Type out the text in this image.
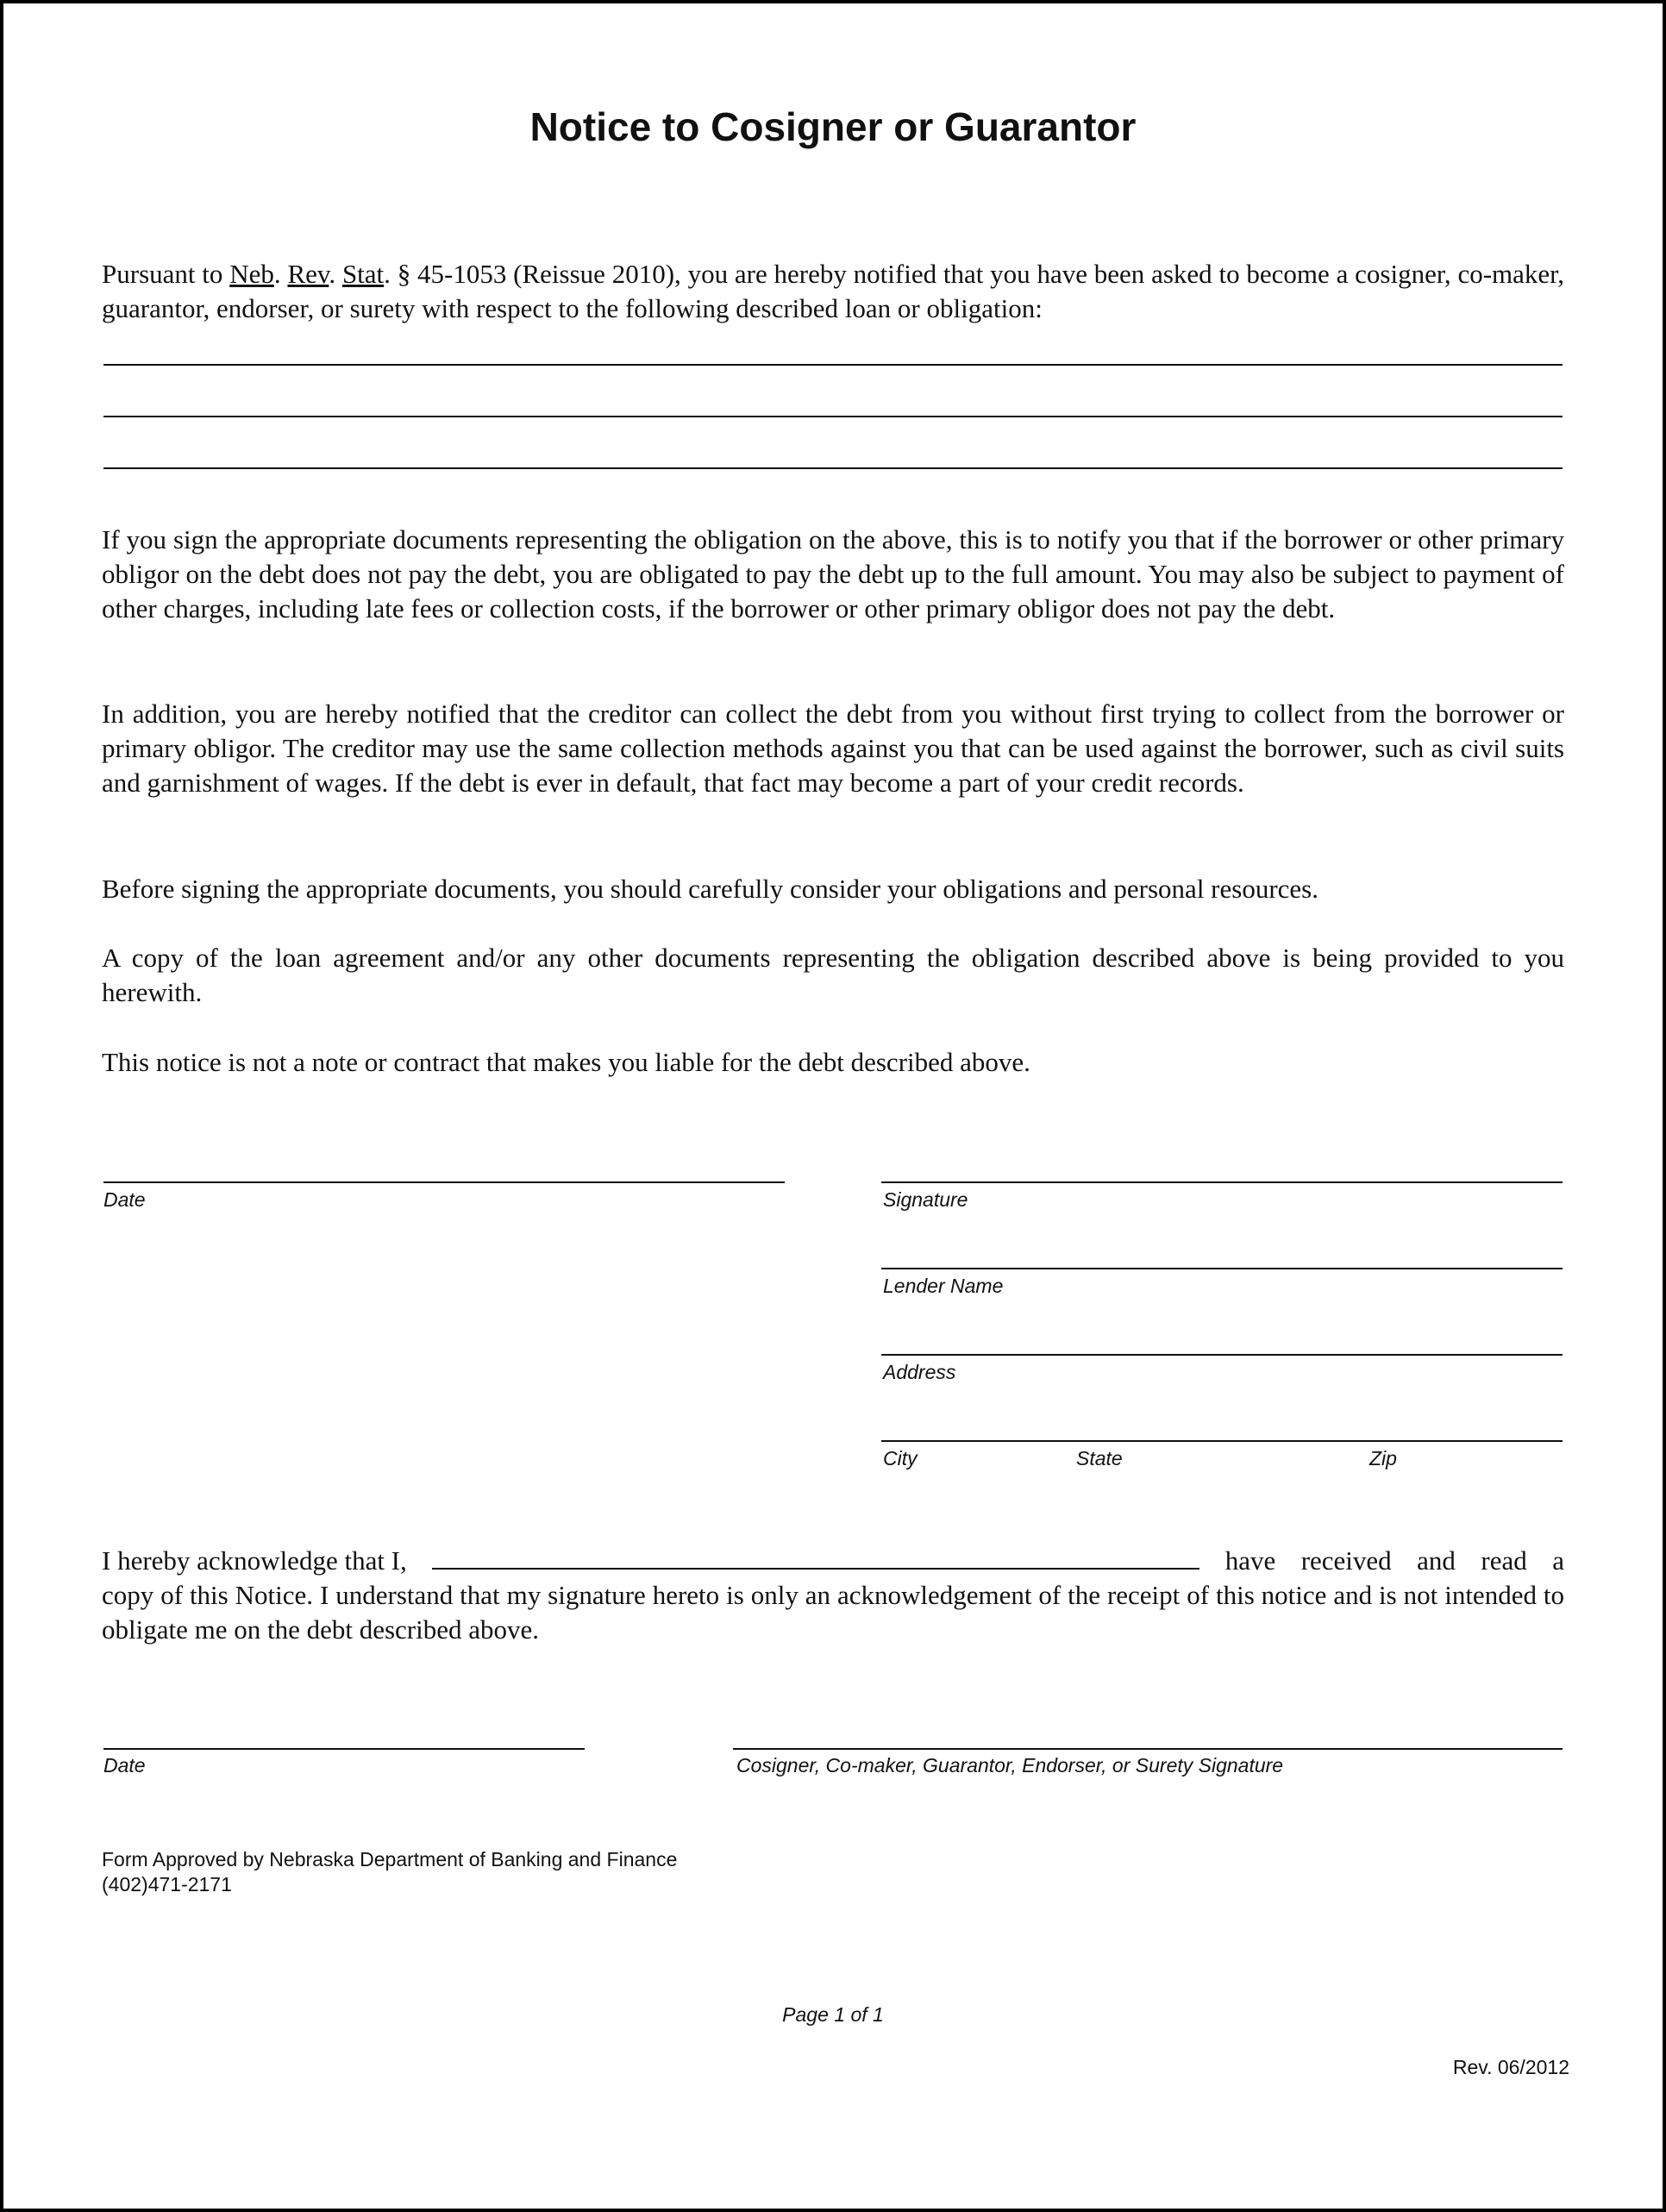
Notice to Cosigner or Guarantor
Pursuant to Neb. Rev. Stat. § 45-1053 (Reissue 2010), you are hereby notified that you have been asked to become a cosigner, co-maker, guarantor, endorser, or surety with respect to the following described loan or obligation:
If you sign the appropriate documents representing the obligation on the above, this is to notify you that if the borrower or other primary obligor on the debt does not pay the debt, you are obligated to pay the debt up to the full amount. You may also be subject to payment of other charges, including late fees or collection costs, if the borrower or other primary obligor does not pay the debt.
In addition, you are hereby notified that the creditor can collect the debt from you without first trying to collect from the borrower or primary obligor. The creditor may use the same collection methods against you that can be used against the borrower, such as civil suits and garnishment of wages. If the debt is ever in default, that fact may become a part of your credit records.
Before signing the appropriate documents, you should carefully consider your obligations and personal resources.
A copy of the loan agreement and/or any other documents representing the obligation described above is being provided to you herewith.
This notice is not a note or contract that makes you liable for the debt described above.
Date	Signature
Lender Name
Address
City	State	Zip
I hereby acknowledge that I,	have received and read a
copy of this Notice. I understand that my signature hereto is only an acknowledgement of the receipt of this notice and is not intended to obligate me on the debt described above.
Date	Cosigner, Co-maker, Guarantor, Endorser, or Surety Signature
Form Approved by Nebraska Department of Banking and Finance
(402)471-2171
Page 1 of 1
Rev. 06/2012
